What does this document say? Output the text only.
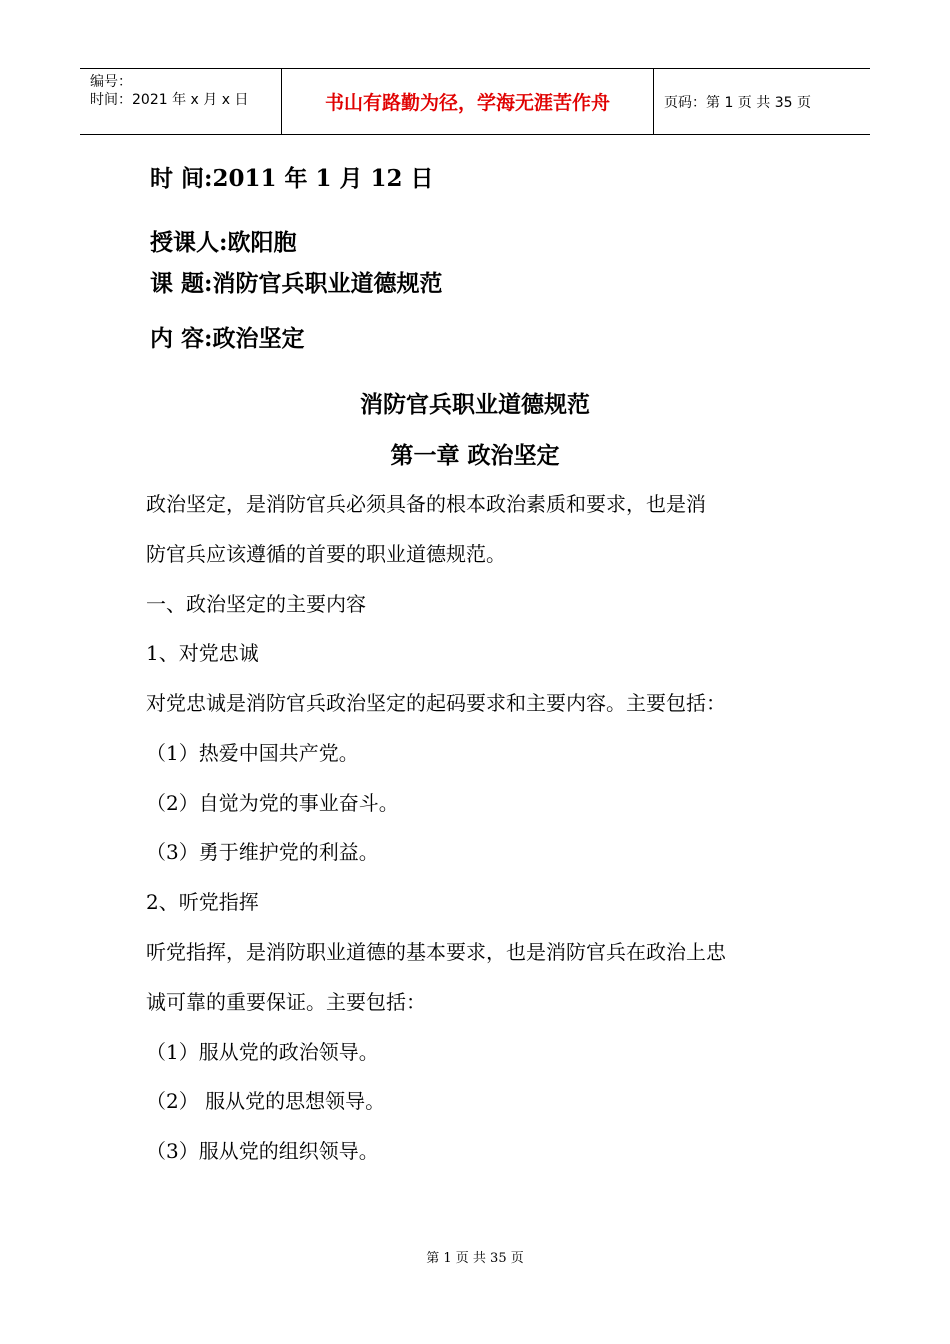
编号：
时间：2021 年 x 月 x 日	书山有路勤为径，学海无涯苦作舟	页码：第 1 页 共 35 页
时 间:2011 年 1 月 12 日
授课人:欧阳胞
课 题:消防官兵职业道德规范
内 容:政治坚定
消防官兵职业道德规范
第一章 政治坚定
政治坚定，是消防官兵必须具备的根本政治素质和要求，也是消
防官兵应该遵循的首要的职业道德规范。
一、政治坚定的主要内容
1、对党忠诚
对党忠诚是消防官兵政治坚定的起码要求和主要内容。主要包括：
（1）热爱中国共产党。
（2）自觉为党的事业奋斗。
（3）勇于维护党的利益。
2、听党指挥
听党指挥，是消防职业道德的基本要求，也是消防官兵在政治上忠
诚可靠的重要保证。主要包括：
（1）服从党的政治领导。
（2） 服从党的思想领导。
（3）服从党的组织领导。
第 1 页 共 35 页
